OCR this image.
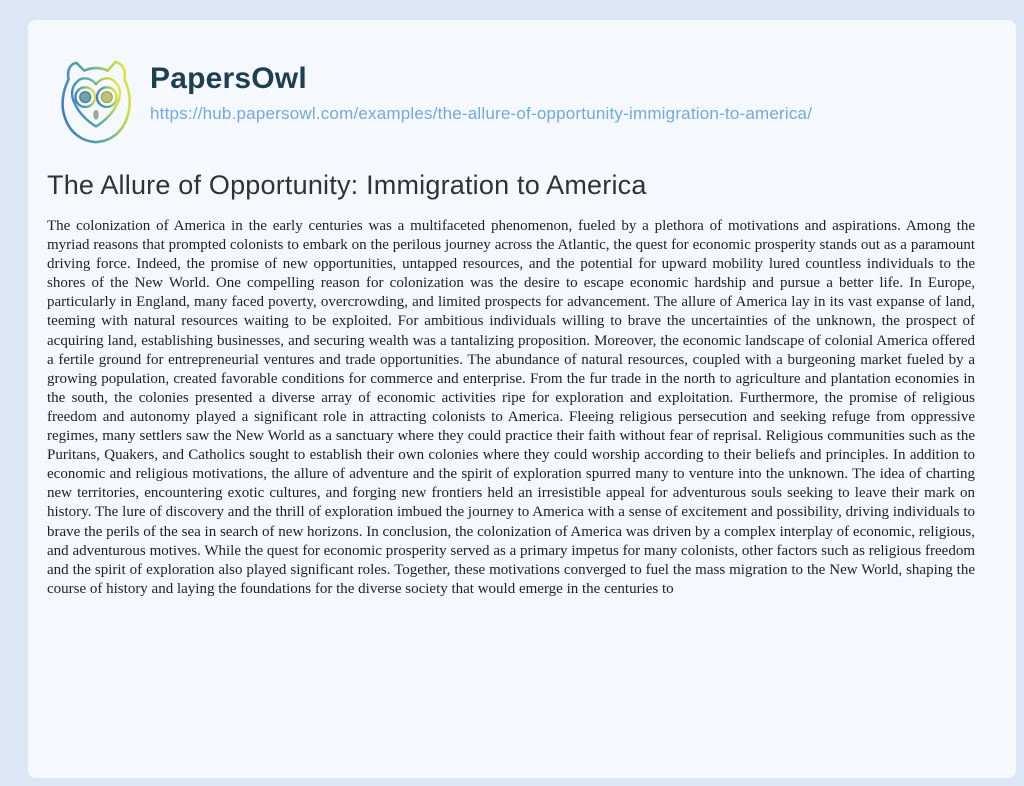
PapersOwl
https://hub.papersowl.com/examples/the-allure-of-opportunity-immigration-to-america/
The Allure of Opportunity: Immigration to America

The colonization of America in the early centuries was a multifaceted phenomenon, fueled by a plethora of motivations and aspirations. Among the myriad reasons that prompted colonists to embark on the perilous journey across the Atlantic, the quest for economic prosperity stands out as a paramount driving force. Indeed, the promise of new opportunities, untapped resources, and the potential for upward mobility lured countless individuals to the shores of the New World. One compelling reason for colonization was the desire to escape economic hardship and pursue a better life. In Europe, particularly in England, many faced poverty, overcrowding, and limited prospects for advancement. The allure of America lay in its vast expanse of land, teeming with natural resources waiting to be exploited. For ambitious individuals willing to brave the uncertainties of the unknown, the prospect of acquiring land, establishing businesses, and securing wealth was a tantalizing proposition. Moreover, the economic landscape of colonial America offered a fertile ground for entrepreneurial ventures and trade opportunities. The abundance of natural resources, coupled with a burgeoning market fueled by a growing population, created favorable conditions for commerce and enterprise. From the fur trade in the north to agriculture and plantation economies in the south, the colonies presented a diverse array of economic activities ripe for exploration and exploitation. Furthermore, the promise of religious freedom and autonomy played a significant role in attracting colonists to America. Fleeing religious persecution and seeking refuge from oppressive regimes, many settlers saw the New World as a sanctuary where they could practice their faith without fear of reprisal. Religious communities such as the Puritans, Quakers, and Catholics sought to establish their own colonies where they could worship according to their beliefs and principles. In addition to economic and religious motivations, the allure of adventure and the spirit of exploration spurred many to venture into the unknown. The idea of charting new territories, encountering exotic cultures, and forging new frontiers held an irresistible appeal for adventurous souls seeking to leave their mark on history. The lure of discovery and the thrill of exploration imbued the journey to America with a sense of excitement and possibility, driving individuals to brave the perils of the sea in search of new horizons. In conclusion, the colonization of America was driven by a complex interplay of economic, religious, and adventurous motives. While the quest for economic prosperity served as a primary impetus for many colonists, other factors such as religious freedom and the spirit of exploration also played significant roles. Together, these motivations converged to fuel the mass migration to the New World, shaping the course of history and laying the foundations for the diverse society that would emerge in the centuries to
